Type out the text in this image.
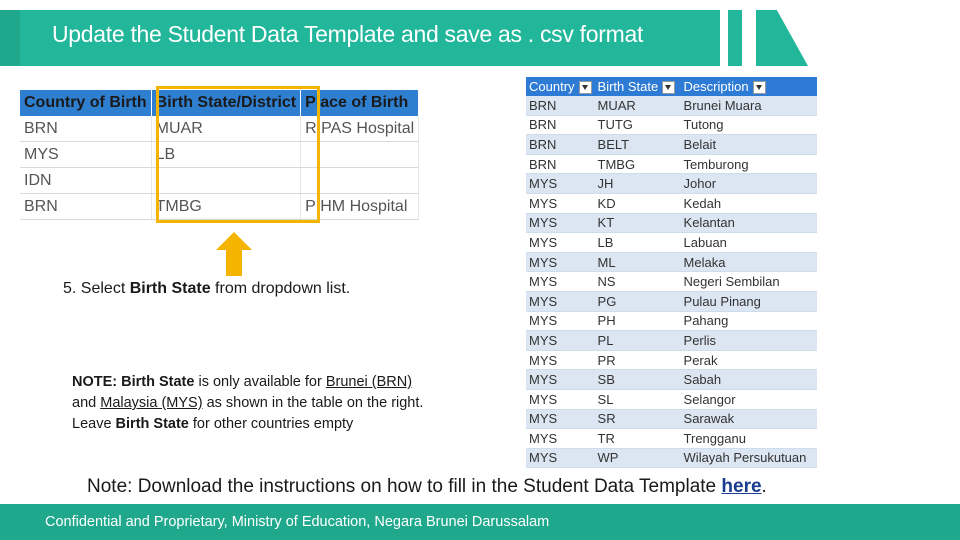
Update the Student Data Template and save as . csv format
Country of Birth	Birth State/District	Place of Birth
BRN	MUAR	RIPAS Hospital
MYS	LB	
IDN		
BRN	TMBG	PIHM Hospital
5. Select Birth State from dropdown list.
NOTE: Birth State is only available for Brunei (BRN) and Malaysia (MYS) as shown in the table on the right. Leave Birth State for other countries empty
Country	Birth State	Description
BRN	MUAR	Brunei Muara
BRN	TUTG	Tutong
BRN	BELT	Belait
BRN	TMBG	Temburong
MYS	JH	Johor
MYS	KD	Kedah
MYS	KT	Kelantan
MYS	LB	Labuan
MYS	ML	Melaka
MYS	NS	Negeri Sembilan
MYS	PG	Pulau Pinang
MYS	PH	Pahang
MYS	PL	Perlis
MYS	PR	Perak
MYS	SB	Sabah
MYS	SL	Selangor
MYS	SR	Sarawak
MYS	TR	Trengganu
MYS	WP	Wilayah Persukutuan
Note: Download the instructions on how to fill in the Student Data Template here.
Confidential and Proprietary, Ministry of Education, Negara Brunei Darussalam
